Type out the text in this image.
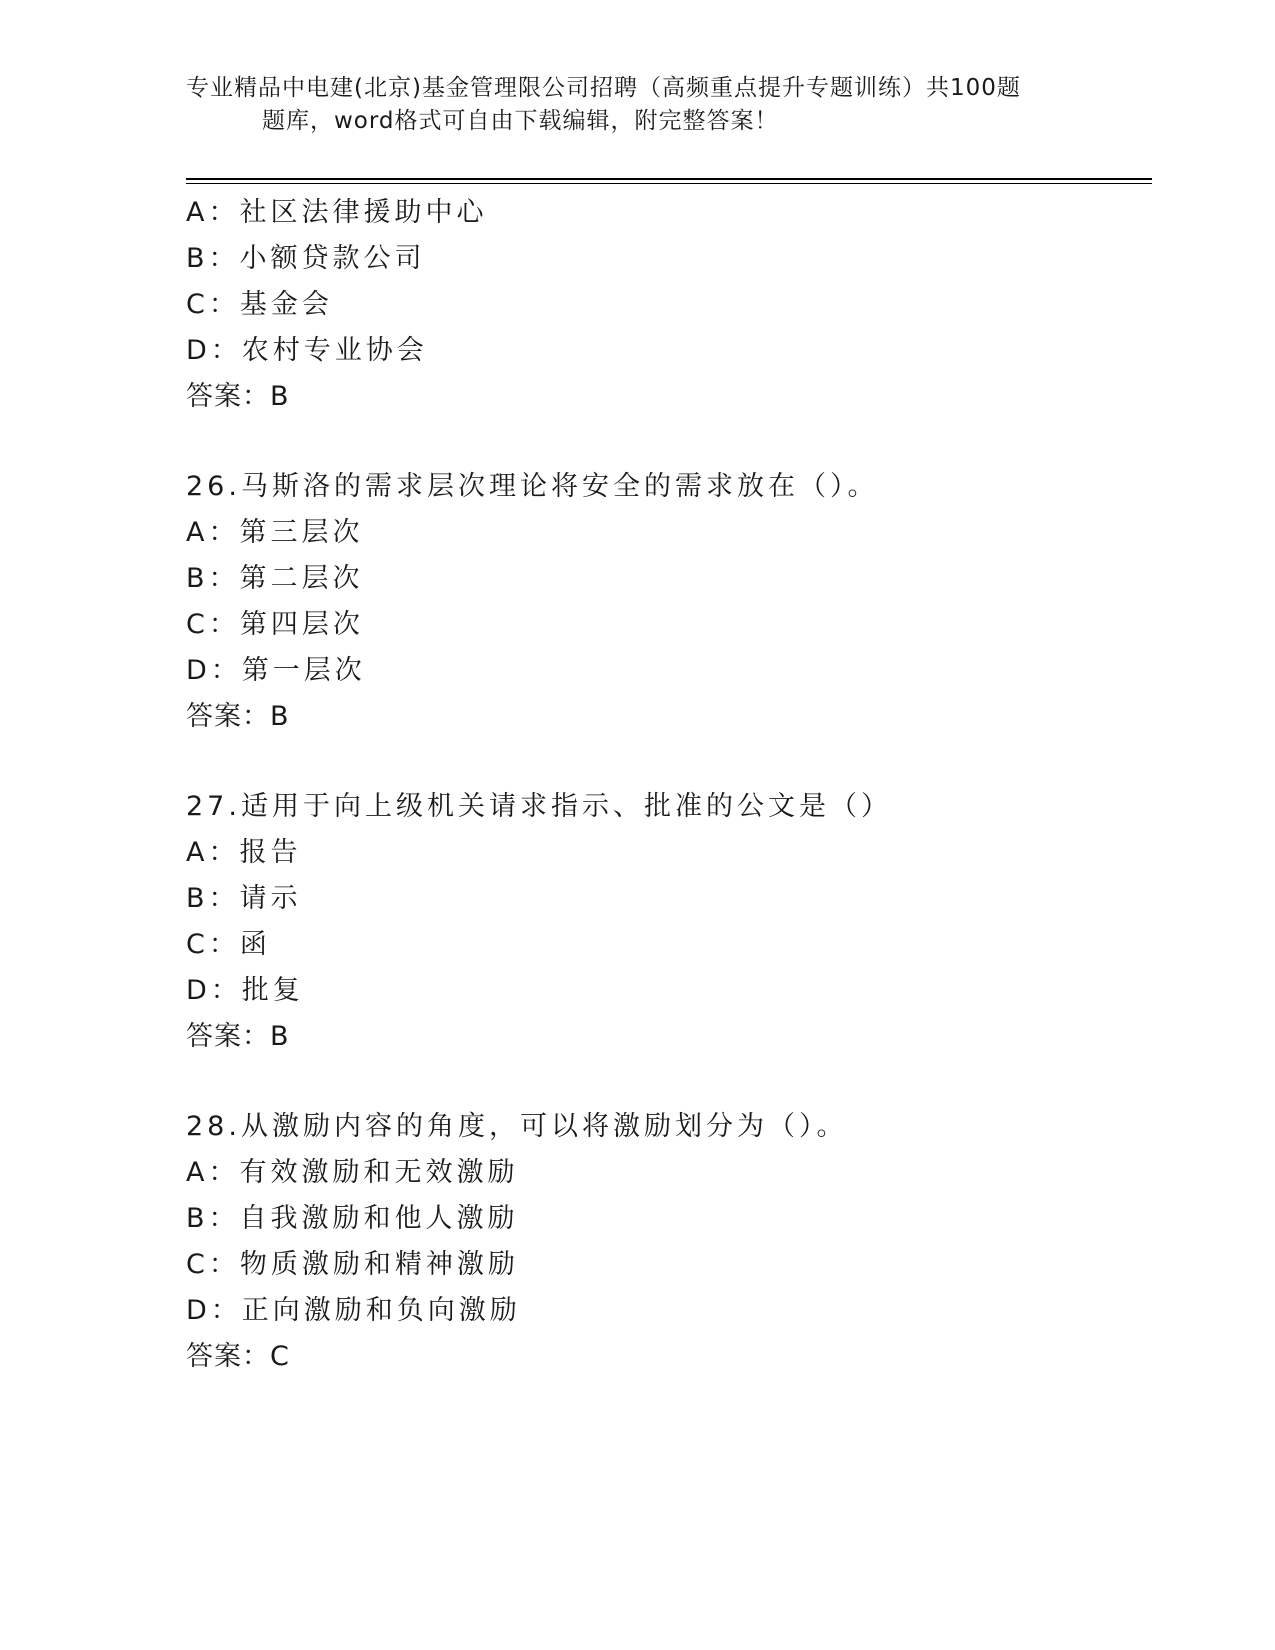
专业精品中电建(北京)基金管理限公司招聘（高频重点提升专题训练）共100题
题库，word格式可自由下载编辑，附完整答案！
A：社区法律援助中心
B：小额贷款公司
C：基金会
D：农村专业协会
答案：B
26.马斯洛的需求层次理论将安全的需求放在（）。
A：第三层次
B：第二层次
C：第四层次
D：第一层次
答案：B
27.适用于向上级机关请求指示、批准的公文是（）
A：报告
B：请示
C：函
D：批复
答案：B
28.从激励内容的角度，可以将激励划分为（）。
A：有效激励和无效激励
B：自我激励和他人激励
C：物质激励和精神激励
D：正向激励和负向激励
答案：C
